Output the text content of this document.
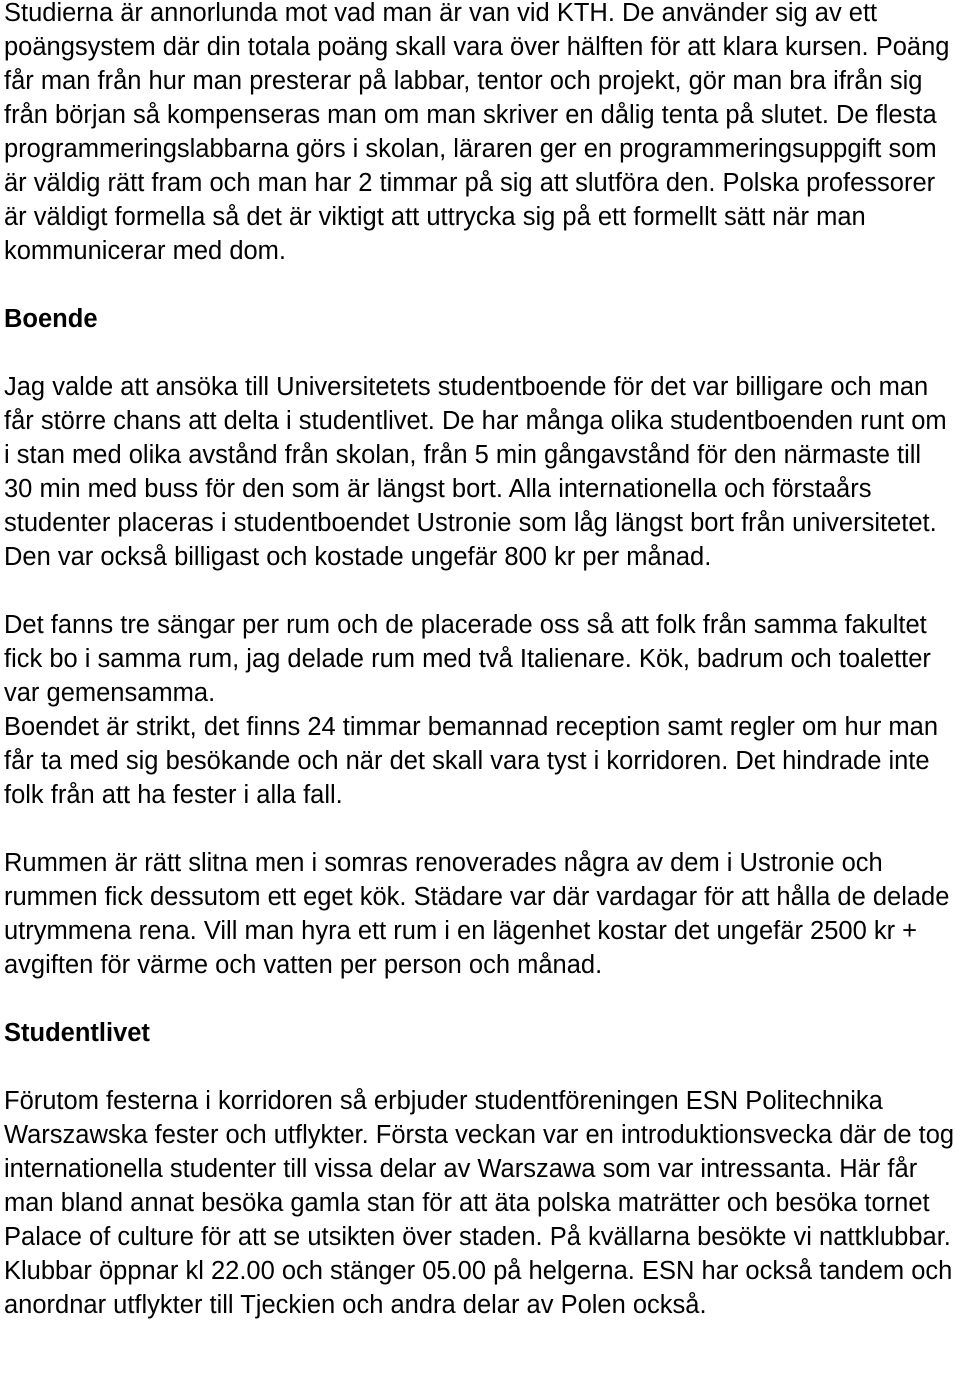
Studierna är annorlunda mot vad man är van vid KTH. De använder sig av ett poängsystem där din totala poäng skall vara över hälften för att klara kursen. Poäng får man från hur man presterar på labbar, tentor och projekt, gör man bra ifrån sig från början så kompenseras man om man skriver en dålig tenta på slutet. De flesta programmeringslabbarna görs i skolan, läraren ger en programmeringsuppgift som är väldig rätt fram och man har 2 timmar på sig att slutföra den. Polska professorer är väldigt formella så det är viktigt att uttrycka sig på ett formellt sätt när man kommunicerar med dom.

Boende

Jag valde att ansöka till Universitetets studentboende för det var billigare och man får större chans att delta i studentlivet. De har många olika studentboenden runt om i stan med olika avstånd från skolan, från 5 min gångavstånd för den närmaste till 30 min med buss för den som är längst bort. Alla internationella och förstaårs studenter placeras i studentboendet Ustronie som låg längst bort från universitetet. Den var också billigast och kostade ungefär 800 kr per månad.

Det fanns tre sängar per rum och de placerade oss så att folk från samma fakultet fick bo i samma rum, jag delade rum med två Italienare. Kök, badrum och toaletter var gemensamma.

Boendet är strikt, det finns 24 timmar bemannad reception samt regler om hur man får ta med sig besökande och när det skall vara tyst i korridoren. Det hindrade inte folk från att ha fester i alla fall.

Rummen är rätt slitna men i somras renoverades några av dem i Ustronie och rummen fick dessutom ett eget kök. Städare var där vardagar för att hålla de delade utrymmena rena. Vill man hyra ett rum i en lägenhet kostar det ungefär 2500 kr + avgiften för värme och vatten per person och månad.

Studentlivet

Förutom festerna i korridoren så erbjuder studentföreningen ESN Politechnika Warszawska fester och utflykter. Första veckan var en introduktionsvecka där de tog internationella studenter till vissa delar av Warszawa som var intressanta. Här får man bland annat besöka gamla stan för att äta polska maträtter och besöka tornet Palace of culture för att se utsikten över staden. På kvällarna besökte vi nattklubbar. Klubbar öppnar kl 22.00 och stänger 05.00 på helgerna. ESN har också tandem och anordnar utflykter till Tjeckien och andra delar av Polen också.
